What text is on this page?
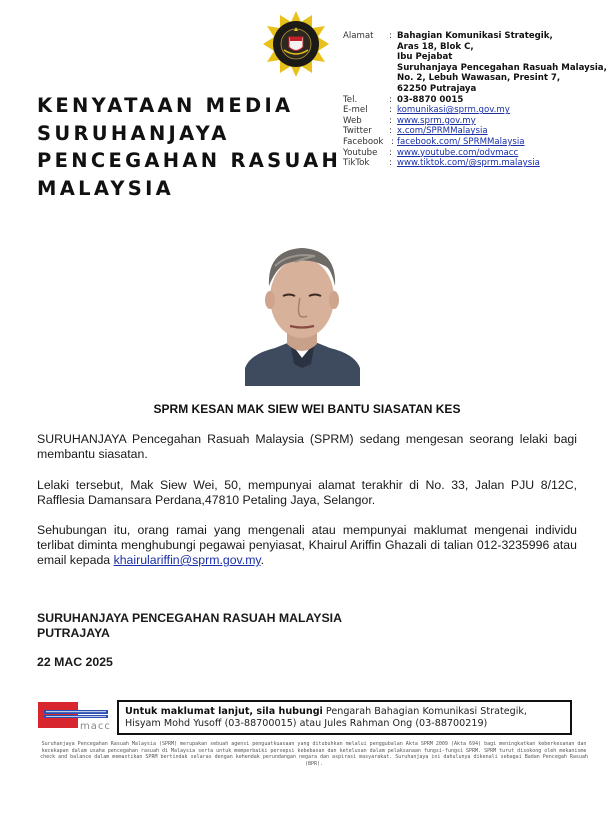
Alamat	: Bahagian Komunikasi Strategik,
Aras 18, Blok C,
Ibu Pejabat
Suruhanjaya Pencegahan Rasuah Malaysia,
No. 2, Lebuh Wawasan, Presint 7,
62250 Putrajaya
Tel.	: 03-8870 0015
E-mel	: komunikasi@sprm.gov.my
Web	: www.sprm.gov.my
Twitter	: x.com/SPRMMalaysia
Facebook : facebook.com/ SPRMMalaysia
Youtube	: www.youtube.com/odvmacc
TikTok	: www.tiktok.com/@sprm.malaysia
KENYATAAN MEDIA
SURUHANJAYA
PENCEGAHAN RASUAH
MALAYSIA
SPRM KESAN MAK SIEW WEI BANTU SIASATAN KES
SURUHANJAYA Pencegahan Rasuah Malaysia (SPRM) sedang mengesan seorang lelaki bagi membantu siasatan.
Lelaki tersebut, Mak Siew Wei, 50, mempunyai alamat terakhir di No. 33, Jalan PJU 8/12C, Rafflesia Damansara Perdana,47810 Petaling Jaya, Selangor.
Sehubungan itu, orang ramai yang mengenali atau mempunyai maklumat mengenai individu terlibat diminta menghubungi pegawai penyiasat, Khairul Ariffin Ghazali di talian 012-3235996 atau email kepada khairulariffin@sprm.gov.my.
SURUHANJAYA PENCEGAHAN RASUAH MALAYSIA
PUTRAJAYA
22 MAC 2025
macc
Untuk maklumat lanjut, sila hubungi Pengarah Bahagian Komunikasi Strategik, Hisyam Mohd Yusoff (03-88700015) atau Jules Rahman Ong (03-88700219)
Suruhanjaya Pencegahan Rasuah Malaysia (SPRM) merupakan sebuah agensi penguatkuasaan yang ditubuhkan melalui penggubalan Akta SPRM 2009 (Akta 694) bagi meningkatkan keberkesanan dan kecekapan dalam usaha pencegahan rasuah di Malaysia serta untuk memperbaiki persepsi kebebasan dan ketelusan dalam pelaksanaan fungsi-fungsi SPRM. SPRM turut disokong oleh mekanisme check and balance dalam memastikan SPRM bertindak selaras dengan kehendak perundangan negara dan aspirasi masyarakat. Suruhanjaya ini dahulunya dikenali sebagai Badan Pencegah Rasuah (BPR).
